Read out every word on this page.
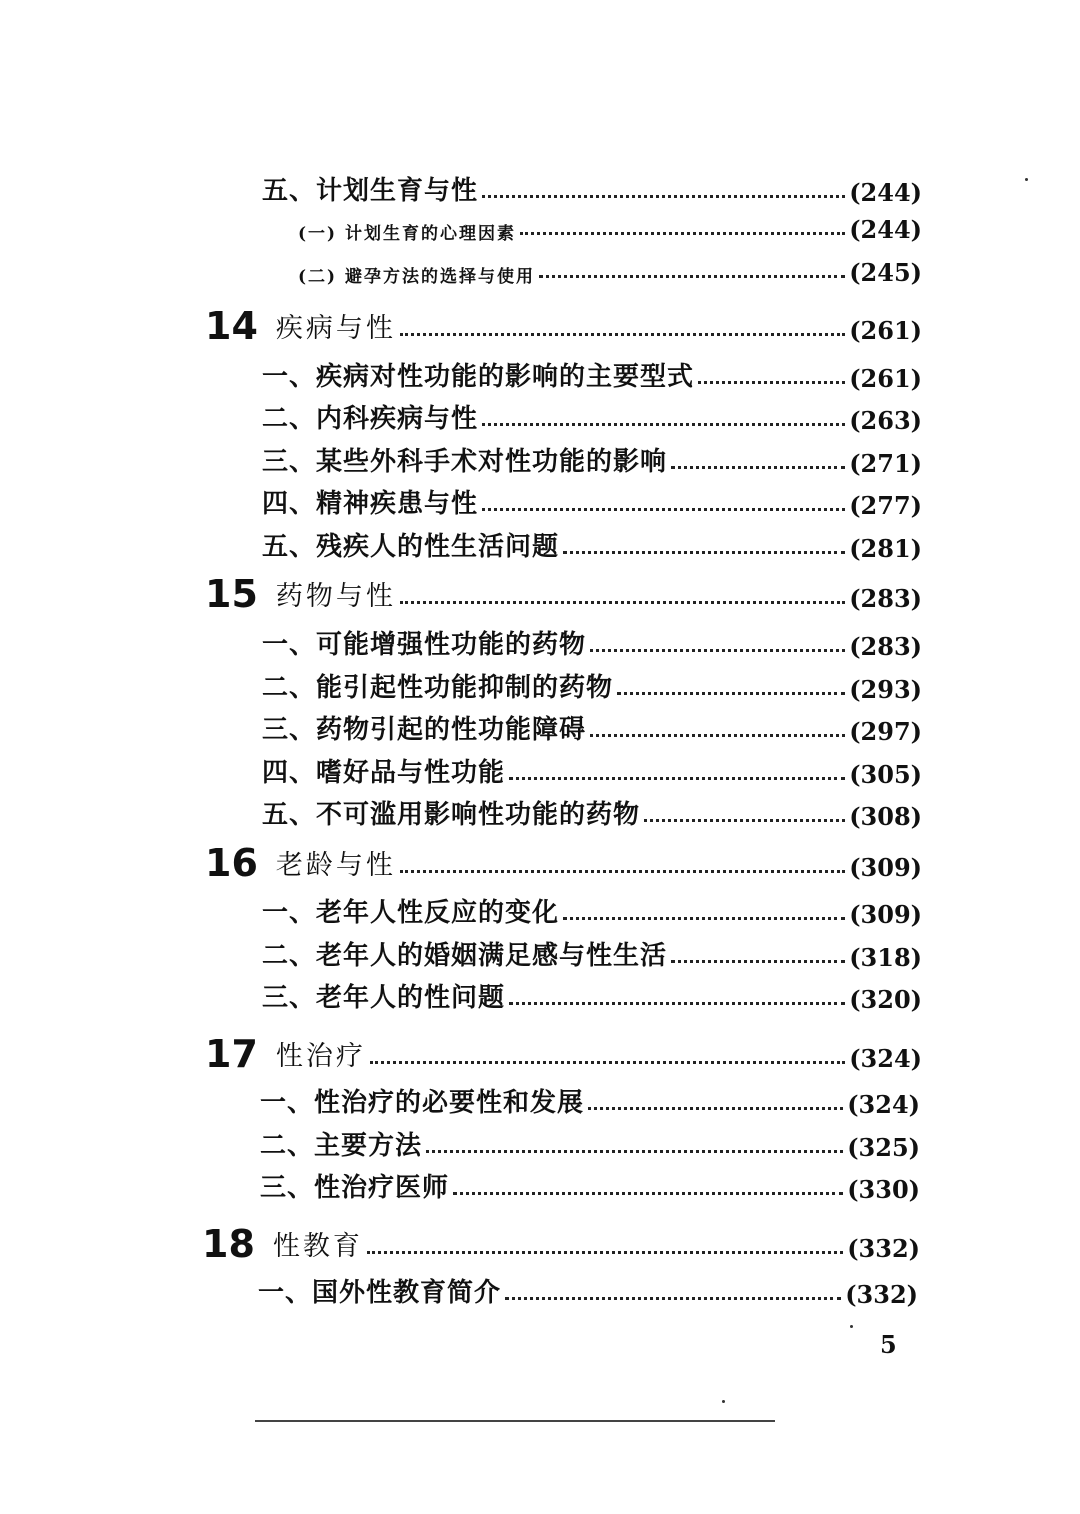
五、计划生育与性	(244)
(一) 计划生育的心理因素	(244)
(二) 避孕方法的选择与使用	(245)
14 疾病与性	(261)
一、疾病对性功能的影响的主要型式	(261)
二、内科疾病与性	(263)
三、某些外科手术对性功能的影响	(271)
四、精神疾患与性	(277)
五、残疾人的性生活问题	(281)
15 药物与性	(283)
一、可能增强性功能的药物	(283)
二、能引起性功能抑制的药物	(293)
三、药物引起的性功能障碍	(297)
四、嗜好品与性功能	(305)
五、不可滥用影响性功能的药物	(308)
16 老龄与性	(309)
一、老年人性反应的变化	(309)
二、老年人的婚姻满足感与性生活	(318)
三、老年人的性问题	(320)
17 性治疗	(324)
一、性治疗的必要性和发展	(324)
二、主要方法	(325)
三、性治疗医师	(330)
18 性教育	(332)
一、国外性教育简介	(332)
5
